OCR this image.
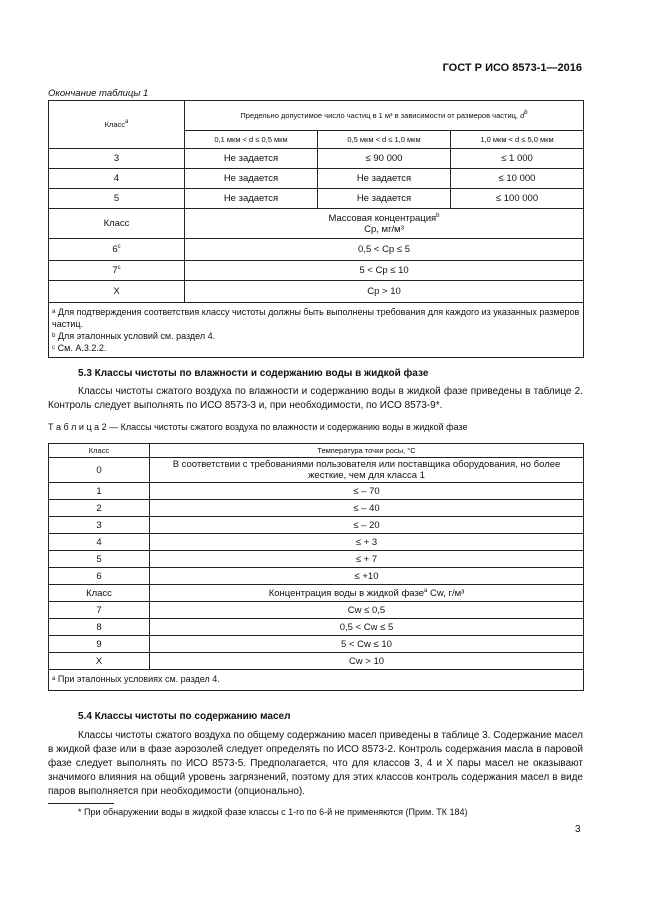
ГОСТ Р ИСО 8573-1—2016
Окончание таблицы 1
Класс$^a$	Предельно допустимое число частиц в 1 м³ в зависимости от размеров частиц, $d^b$
	0,1 мкм < d ≤ 0,5 мкм	0,5 мкм < d ≤ 1,0 мкм	1,0 мкм < d ≤ 5,0 мкм
3	Не задается	≤ 90 000	≤ 1 000
4	Не задается	Не задается	≤ 10 000
5	Не задается	Не задается	≤ 100 000
Класс	Массовая концентрация$^b$
Cp, мг/м³		
6$^c$	0,5 < Cp ≤ 5		
7$^c$	5 < Cp ≤ 10		
X	Cp > 10		

ᵃ Для подтверждения соответствия классу чистоты должны быть выполнены требования для каждого из указанных размеров частиц.
ᵇ Для эталонных условий см. раздел 4.
ᶜ См. А.3.2.2.			
5.3 Классы чистоты по влажности и содержанию воды в жидкой фазе
Классы чистоты сжатого воздуха по влажности и содержанию воды в жидкой фазе приведены в таблице 2. Контроль следует выполнять по ИСО 8573-3 и, при необходимости, по ИСО 8573-9*.
Т а б л и ц а 2 — Классы чистоты сжатого воздуха по влажности и содержанию воды в жидкой фазе
Класс	Температура точки росы, °С
0	В соответствии с требованиями пользователя или поставщика оборудования, но более жесткие, чем для класса 1
1	≤ – 70
2	≤ – 40
3	≤ – 20
4	≤ + 3
5	≤ + 7
6	≤ +10
Класс	Концентрация воды в жидкой фазе$^a$ Cw, г/м³
7	Cw ≤ 0,5
8	0,5 < Cw ≤ 5
9	5 < Cw ≤ 10
X	Cw > 10
ᵃ При эталонных условиях см. раздел 4.	
5.4 Классы чистоты по содержанию масел
Классы чистоты сжатого воздуха по общему содержанию масел приведены в таблице 3. Содержание масел в жидкой фазе или в фазе аэрозолей следует определять по ИСО 8573-2. Контроль содержания масла в паровой фазе следует выполнять по ИСО 8573-5. Предполагается, что для классов 3, 4 и X пары масел не оказывают значимого влияния на общий уровень загрязнений, поэтому для этих классов контроль содержания масел в виде паров выполняется при необходимости (опционально).
* При обнаружении воды в жидкой фазе классы с 1-го по 6-й не применяются (Прим. ТК 184)
3
